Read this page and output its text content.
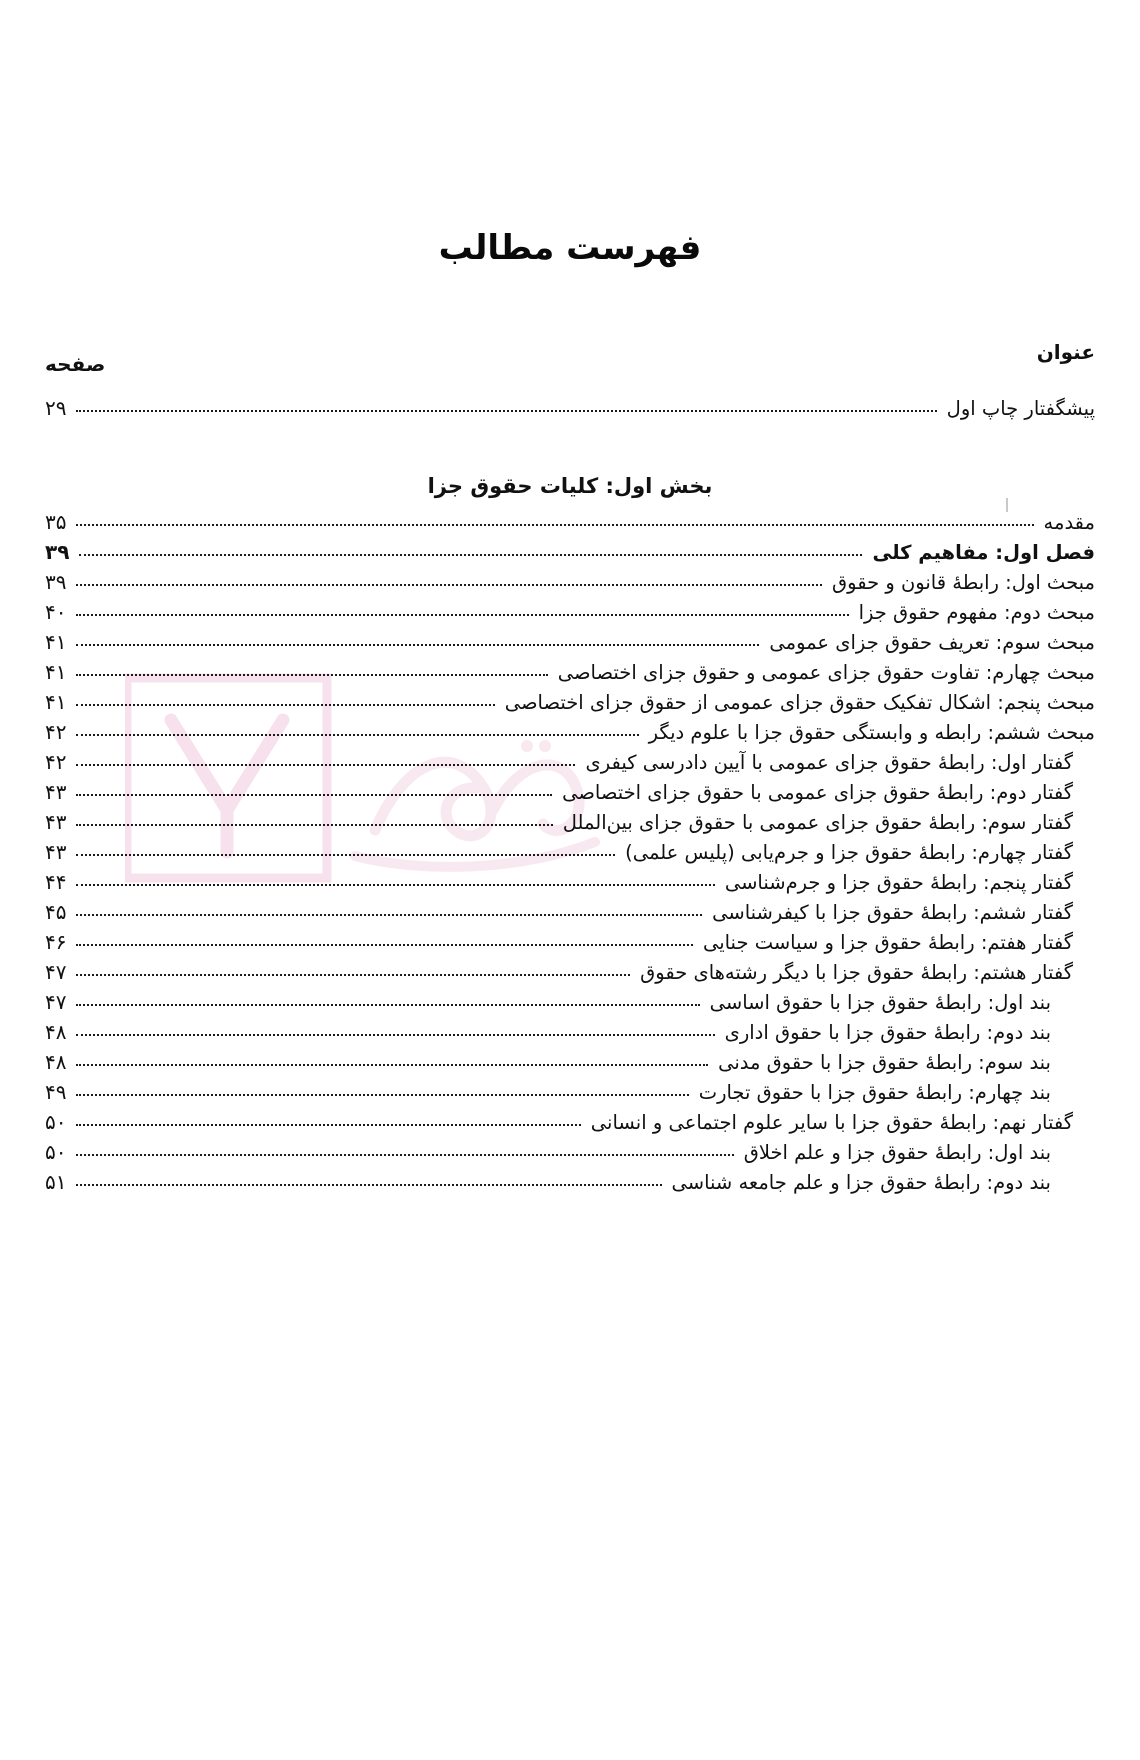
فهرست مطالب
عنوان
صفحه
پیشگفتار چاپ اول
۲۹
بخش اول: کلیات حقوق جزا
مقدمه
۳۵
فصل اول: مفاهیم کلی
۳۹
مبحث اول: رابطهٔ قانون و حقوق
۳۹
مبحث دوم: مفهوم حقوق جزا
۴۰
مبحث سوم: تعریف حقوق جزای عمومی
۴۱
مبحث چهارم: تفاوت حقوق جزای عمومی و حقوق جزای اختصاصی
۴۱
مبحث پنجم: اشکال تفکیک حقوق جزای عمومی از حقوق جزای اختصاصی
۴۱
مبحث ششم: رابطه و وابستگی حقوق جزا با علوم دیگر
۴۲
گفتار اول: رابطهٔ حقوق جزای عمومی با آیین دادرسی کیفری
۴۲
گفتار دوم: رابطهٔ حقوق جزای عمومی با حقوق جزای اختصاصی
۴۳
گفتار سوم: رابطهٔ حقوق جزای عمومی با حقوق جزای بین‌الملل
۴۳
گفتار چهارم: رابطهٔ حقوق جزا و جرم‌یابی (پلیس علمی)
۴۳
گفتار پنجم: رابطهٔ حقوق جزا و جرم‌شناسی
۴۴
گفتار ششم: رابطهٔ حقوق جزا با کیفرشناسی
۴۵
گفتار هفتم: رابطهٔ حقوق جزا و سیاست جنایی
۴۶
گفتار هشتم: رابطهٔ حقوق جزا با دیگر رشته‌های حقوق
۴۷
بند اول: رابطهٔ حقوق جزا با حقوق اساسی
۴۷
بند دوم: رابطهٔ حقوق جزا با حقوق اداری
۴۸
بند سوم: رابطهٔ حقوق جزا با حقوق مدنی
۴۸
بند چهارم: رابطهٔ حقوق جزا با حقوق تجارت
۴۹
گفتار نهم: رابطهٔ حقوق جزا با سایر علوم اجتماعی و انسانی
۵۰
بند اول: رابطهٔ حقوق جزا و علم اخلاق
۵۰
بند دوم: رابطهٔ حقوق جزا و علم جامعه شناسی
۵۱
